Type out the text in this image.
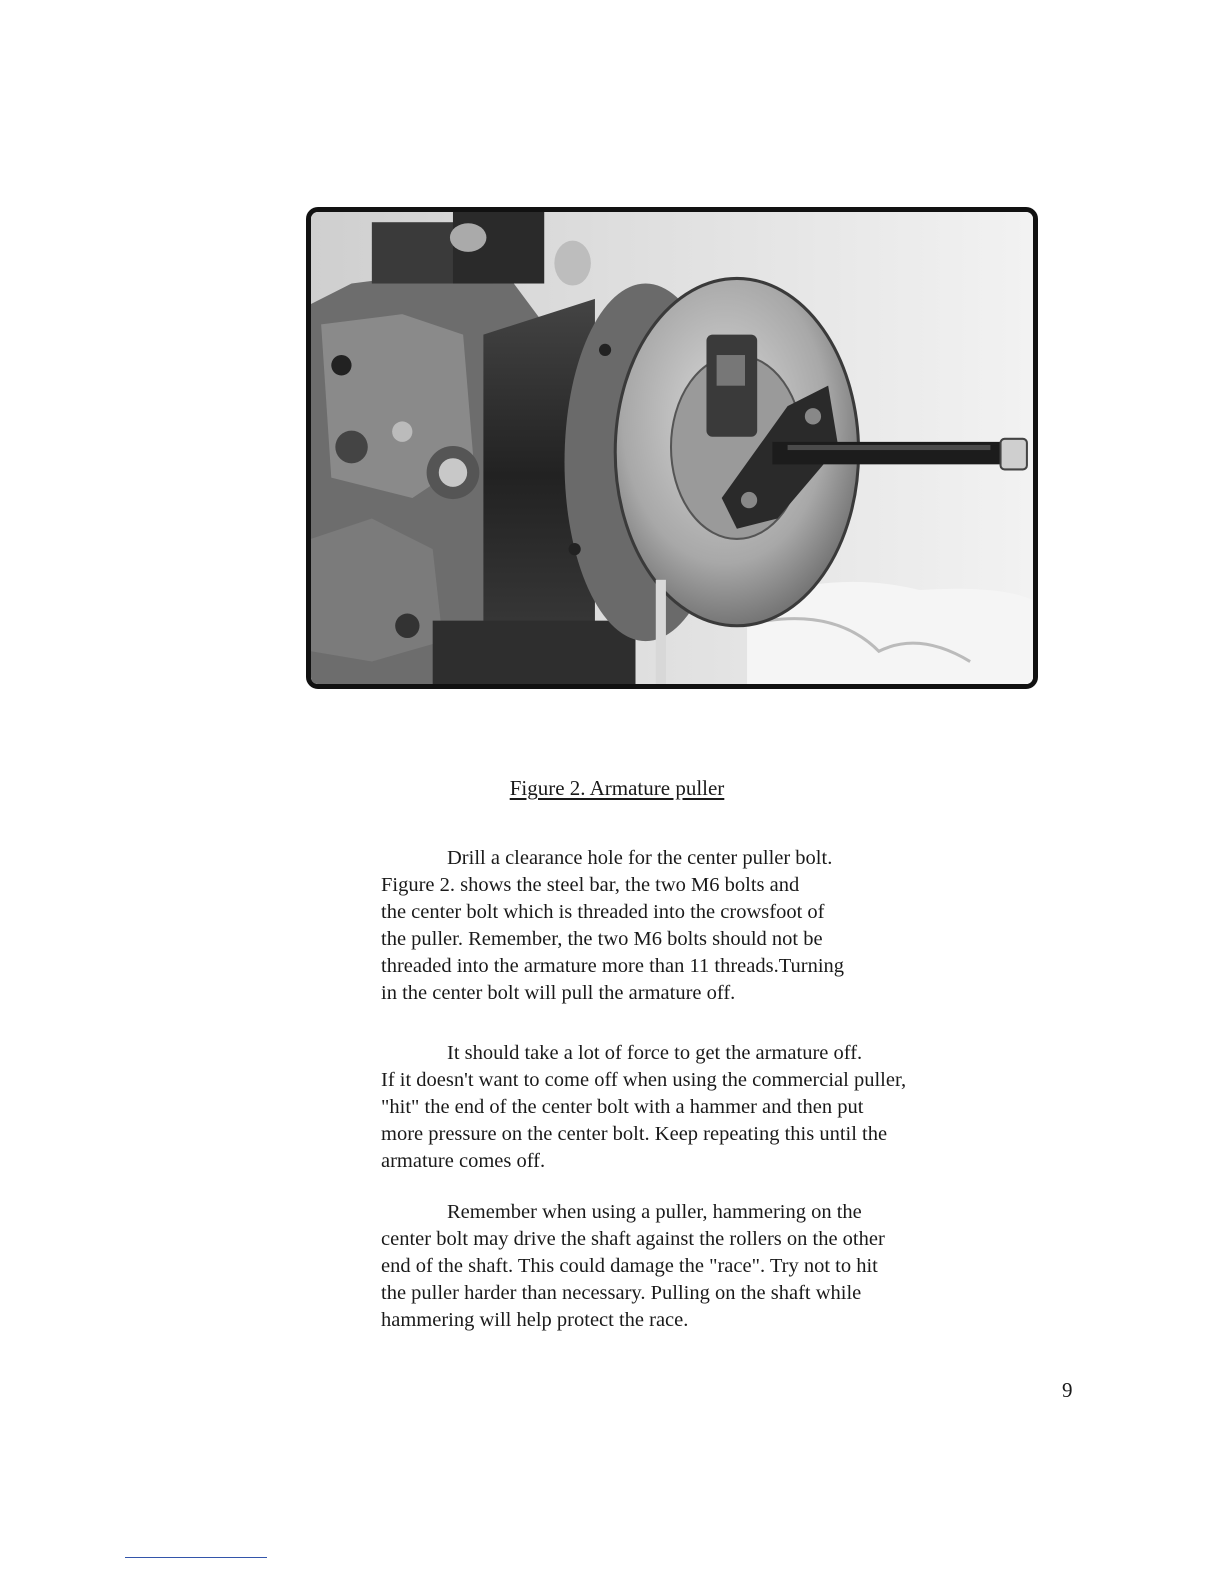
Figure 2. Armature puller
Drill a clearance hole for the center puller bolt.
Figure 2. shows the steel bar, the two M6 bolts and
the center bolt which is threaded into the crowsfoot of
the puller. Remember, the two M6 bolts should not be
threaded into the armature more than 11 threads.Turning
in the center bolt will pull the armature off.
It should take a lot of force to get the armature off.
If it doesn't want to come off when using the commercial puller,
"hit" the end of the center bolt with a hammer and then put
more pressure on the center bolt. Keep repeating this until the
armature comes off.
Remember when using a puller, hammering on the
center bolt may drive the shaft against the rollers on the other
end of the shaft. This could damage the "race". Try not to hit
the puller harder than necessary. Pulling on the shaft while
hammering will help protect the race.
9
